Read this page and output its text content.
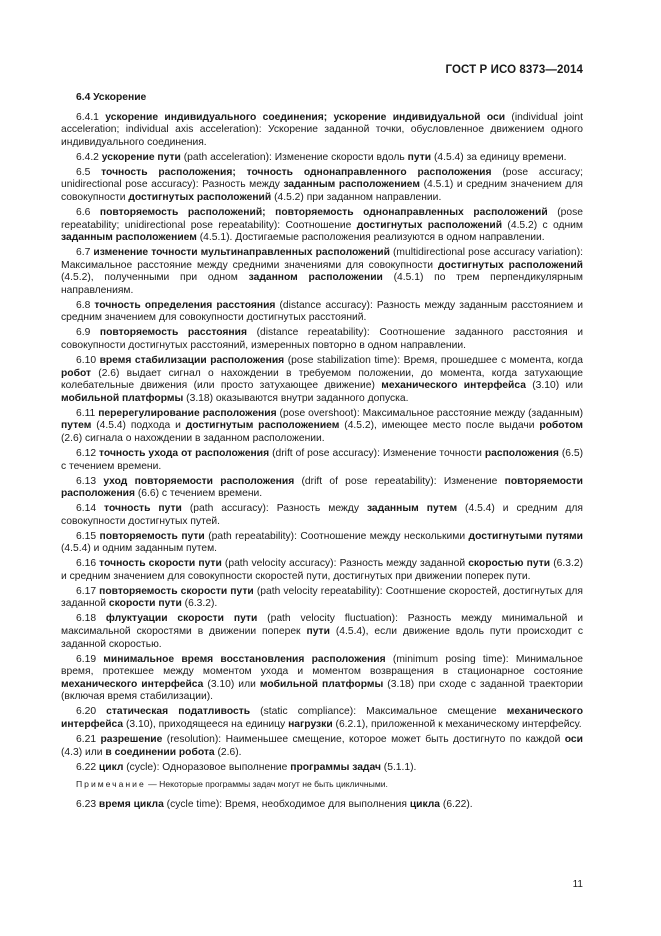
ГОСТ Р ИСО 8373—2014
6.4 Ускорение
6.4.1 ускорение индивидуального соединения; ускорение индивидуальной оси (individual joint acceleration; individual axis acceleration): Ускорение заданной точки, обусловленное движением одного индивидуального соединения.
6.4.2 ускорение пути (path acceleration): Изменение скорости вдоль пути (4.5.4) за единицу времени.
6.5 точность расположения; точность однонаправленного расположения (pose accuracy; unidirectional pose accuracy): Разность между заданным расположением (4.5.1) и средним значением для совокупности достигнутых расположений (4.5.2) при заданном направлении.
6.6 повторяемость расположений; повторяемость однонаправленных расположений (pose repeatability; unidirectional pose repeatability): Соотношение достигнутых расположений (4.5.2) с одним заданным расположением (4.5.1). Достигаемые расположения реализуются в одном направлении.
6.7 изменение точности мультинаправленных расположений (multidirectional pose accuracy variation): Максимальное расстояние между средними значениями для совокупности достигнутых расположений (4.5.2), полученными при одном заданном расположении (4.5.1) по трем перпендикулярным направлениям.
6.8 точность определения расстояния (distance accuracy): Разность между заданным расстоянием и средним значением для совокупности достигнутых расстояний.
6.9 повторяемость расстояния (distance repeatability): Соотношение заданного расстояния и совокупности достигнутых расстояний, измеренных повторно в одном направлении.
6.10 время стабилизации расположения (pose stabilization time): Время, прошедшее с момента, когда робот (2.6) выдает сигнал о нахождении в требуемом положении, до момента, когда затухающие колебательные движения (или просто затухающее движение) механического интерфейса (3.10) или мобильной платформы (3.18) оказываются внутри заданного допуска.
6.11 перерегулирование расположения (pose overshoot): Максимальное расстояние между (заданным) путем (4.5.4) подхода и достигнутым расположением (4.5.2), имеющее место после выдачи роботом (2.6) сигнала о нахождении в заданном расположении.
6.12 точность ухода от расположения (drift of pose accuracy): Изменение точности расположения (6.5) с течением времени.
6.13 уход повторяемости расположения (drift of pose repeatability): Изменение повторяемости расположения (6.6) с течением времени.
6.14 точность пути (path accuracy): Разность между заданным путем (4.5.4) и средним для совокупности достигнутых путей.
6.15 повторяемость пути (path repeatability): Соотношение между несколькими достигнутыми путями (4.5.4) и одним заданным путем.
6.16 точность скорости пути (path velocity accuracy): Разность между заданной скоростью пути (6.3.2) и средним значением для совокупности скоростей пути, достигнутых при движении поперек пути.
6.17 повторяемость скорости пути (path velocity repeatability): Соотншение скоростей, достигнутых для заданной скорости пути (6.3.2).
6.18 флуктуации скорости пути (path velocity fluctuation): Разность между минимальной и максимальной скоростями в движении поперек пути (4.5.4), если движение вдоль пути происходит с заданной скоростью.
6.19 минимальное время восстановления расположения (minimum posing time): Минимальное время, протекшее между моментом ухода и моментом возвращения в стационарное состояние механического интерфейса (3.10) или мобильной платформы (3.18) при сходе с заданной траектории (включая время стабилизации).
6.20 статическая податливость (static compliance): Максимальное смещение механического интерфейса (3.10), приходящееся на единицу нагрузки (6.2.1), приложенной к механическому интерфейсу.
6.21 разрешение (resolution): Наименьшее смещение, которое может быть достигнуто по каждой оси (4.3) или в соединении робота (2.6).
6.22 цикл (cycle): Одноразовое выполнение программы задач (5.1.1).
Примечание — Некоторые программы задач могут не быть цикличными.
6.23 время цикла (cycle time): Время, необходимое для выполнения цикла (6.22).
11
